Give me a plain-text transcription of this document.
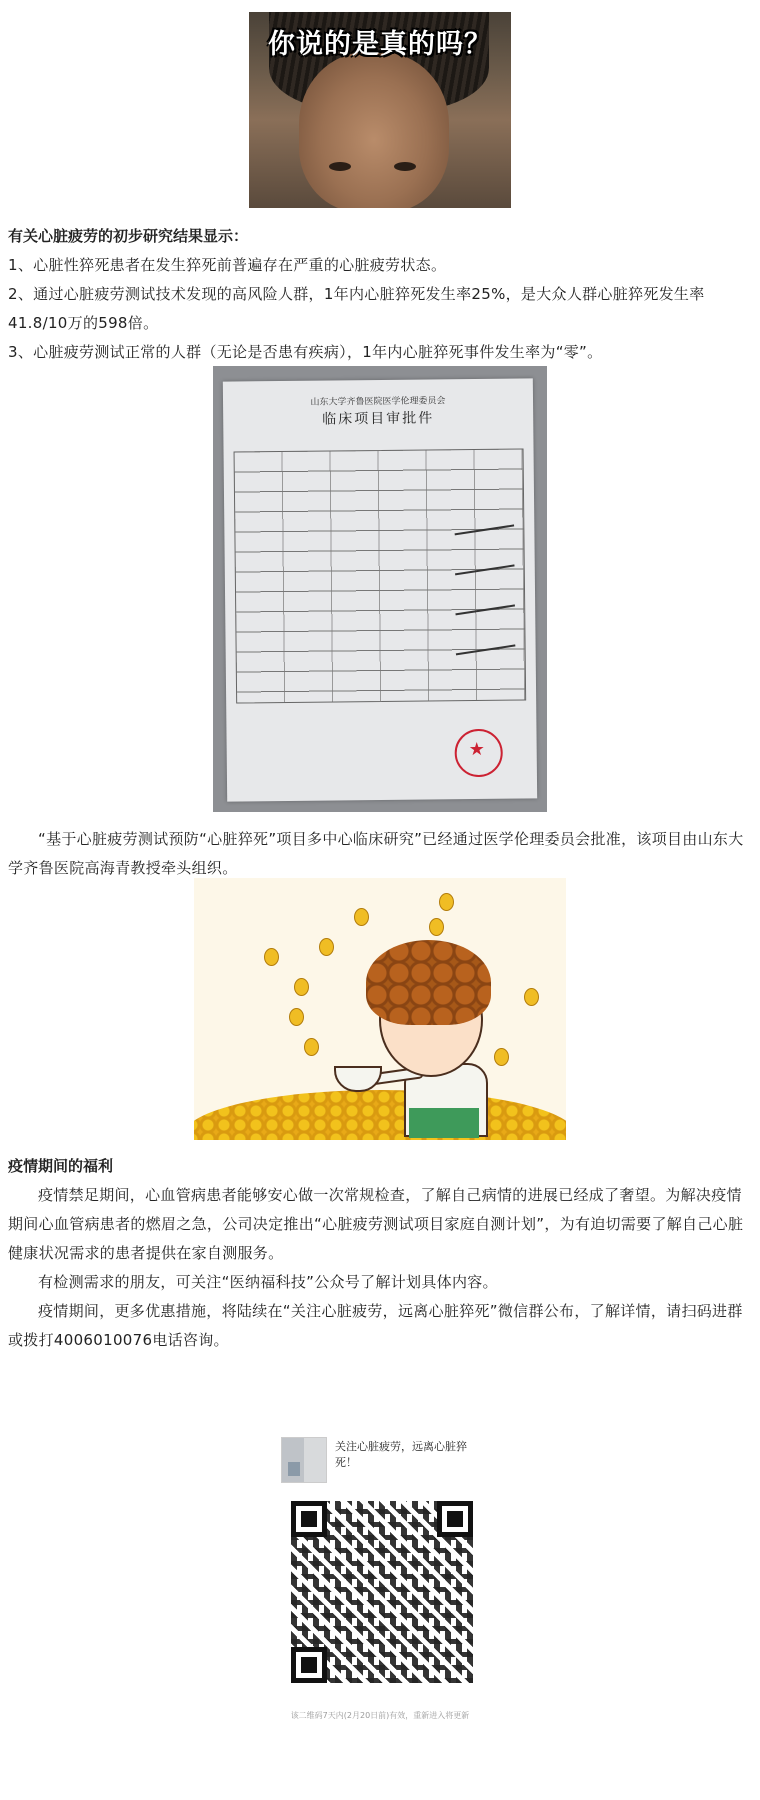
你说的是真的吗？

有关心脏疲劳的初步研究结果显示：

1、心脏性猝死患者在发生猝死前普遍存在严重的心脏疲劳状态。

2、通过心脏疲劳测试技术发现的高风险人群，1年内心脏猝死发生率25%，是大众人群心脏猝死发生率41.8/10万的598倍。

3、心脏疲劳测试正常的人群（无论是否患有疾病），1年内心脏猝死事件发生率为“零”。

山东大学齐鲁医院医学伦理委员会
临床项目审批件
★

“基于心脏疲劳测试预防“心脏猝死”项目多中心临床研究”已经通过医学伦理委员会批准，该项目由山东大学齐鲁医院高海青教授牵头组织。

疫情期间的福利

疫情禁足期间，心血管病患者能够安心做一次常规检查，了解自己病情的进展已经成了奢望。为解决疫情期间心血管病患者的燃眉之急，公司决定推出“心脏疲劳测试项目家庭自测计划”，为有迫切需要了解自己心脏健康状况需求的患者提供在家自测服务。

有检测需求的朋友，可关注“医纳福科技”公众号了解计划具体内容。

疫情期间，更多优惠措施，将陆续在“关注心脏疲劳，远离心脏猝死”微信群公布，了解详情，请扫码进群或拨打4006010076电话咨询。

关注心脏疲劳，远离心脏猝死！
该二维码7天内(2月20日前)有效，重新进入将更新
